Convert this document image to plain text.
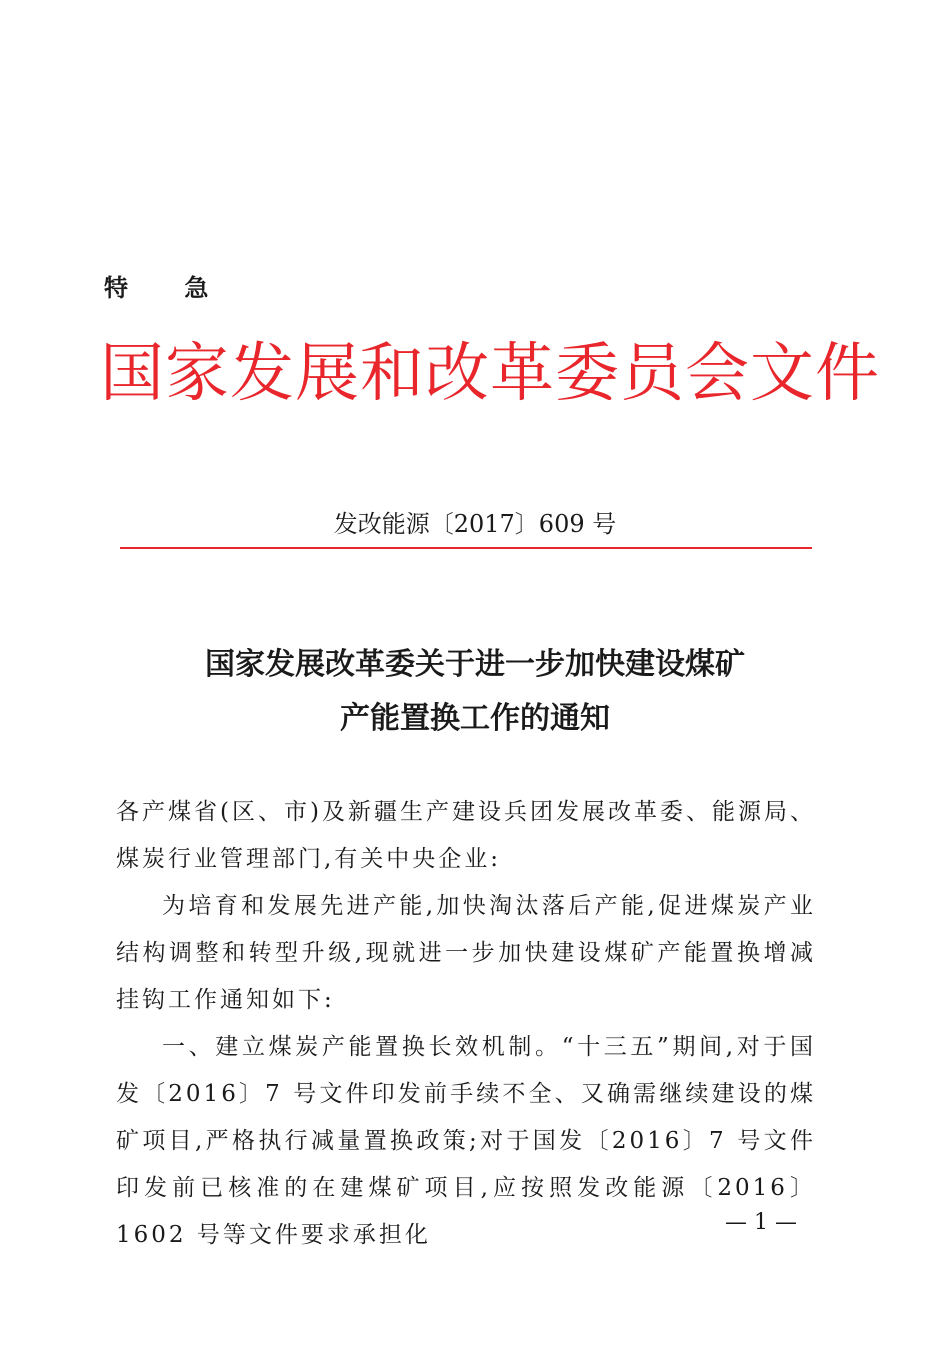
特 急
国家发展和改革委员会文件
发改能源〔2017〕609 号
国家发展改革委关于进一步加快建设煤矿
产能置换工作的通知

各产煤省(区、市)及新疆生产建设兵团发展改革委、能源局、煤炭行业管理部门,有关中央企业:

为培育和发展先进产能,加快淘汰落后产能,促进煤炭产业结构调整和转型升级,现就进一步加快建设煤矿产能置换增减挂钩工作通知如下:

一、建立煤炭产能置换长效机制。“十三五”期间,对于国发〔2016〕7 号文件印发前手续不全、又确需继续建设的煤矿项目,严格执行减量置换政策;对于国发〔2016〕7 号文件印发前已核准的在建煤矿项目,应按照发改能源〔2016〕1602 号等文件要求承担化	— 1 —
